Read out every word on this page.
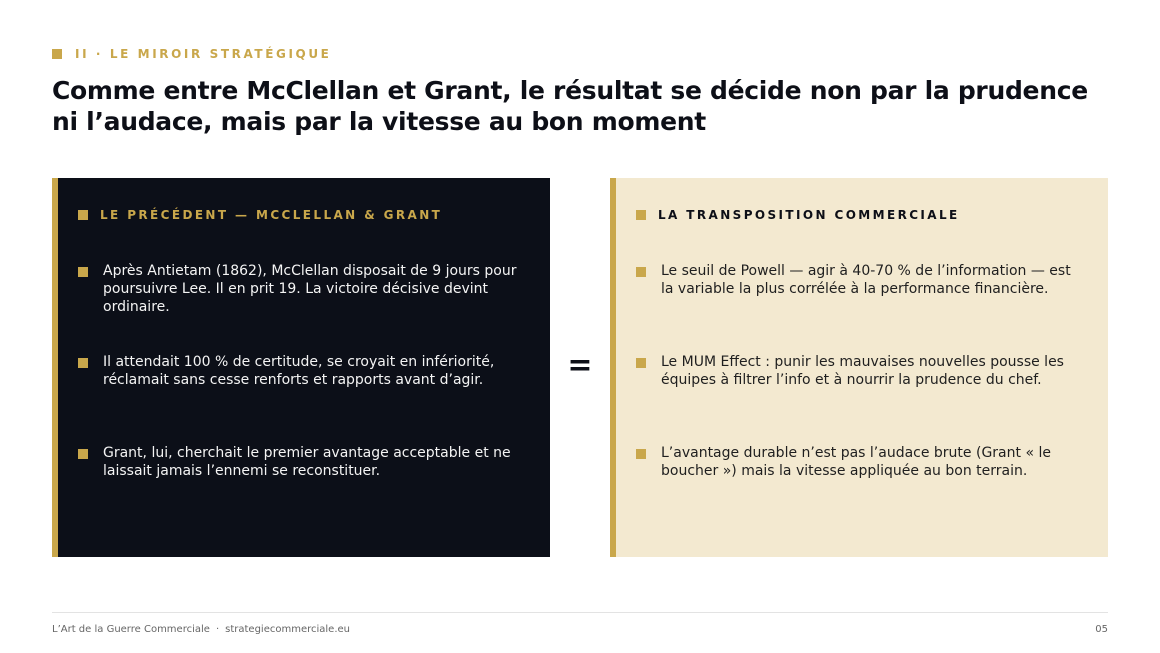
II · LE MIROIR STRATÉGIQUE
Comme entre McClellan et Grant, le résultat se décide non par la prudence ni l’audace, mais par la vitesse au bon moment
LE PRÉCÉDENT — MCCLELLAN & GRANT
Après Antietam (1862), McClellan disposait de 9 jours pour poursuivre Lee. Il en prit 19. La victoire décisive devint ordinaire.
Il attendait 100 % de certitude, se croyait en infériorité, réclamait sans cesse renforts et rapports avant d’agir.
Grant, lui, cherchait le premier avantage acceptable et ne laissait jamais l’ennemi se reconstituer.
=
LA TRANSPOSITION COMMERCIALE
Le seuil de Powell — agir à 40-70 % de l’information — est la variable la plus corrélée à la performance financière.
Le MUM Effect : punir les mauvaises nouvelles pousse les équipes à filtrer l’info et à nourrir la prudence du chef.
L’avantage durable n’est pas l’audace brute (Grant « le boucher ») mais la vitesse appliquée au bon terrain.
L’Art de la Guerre Commerciale · strategiecommerciale.eu	05
